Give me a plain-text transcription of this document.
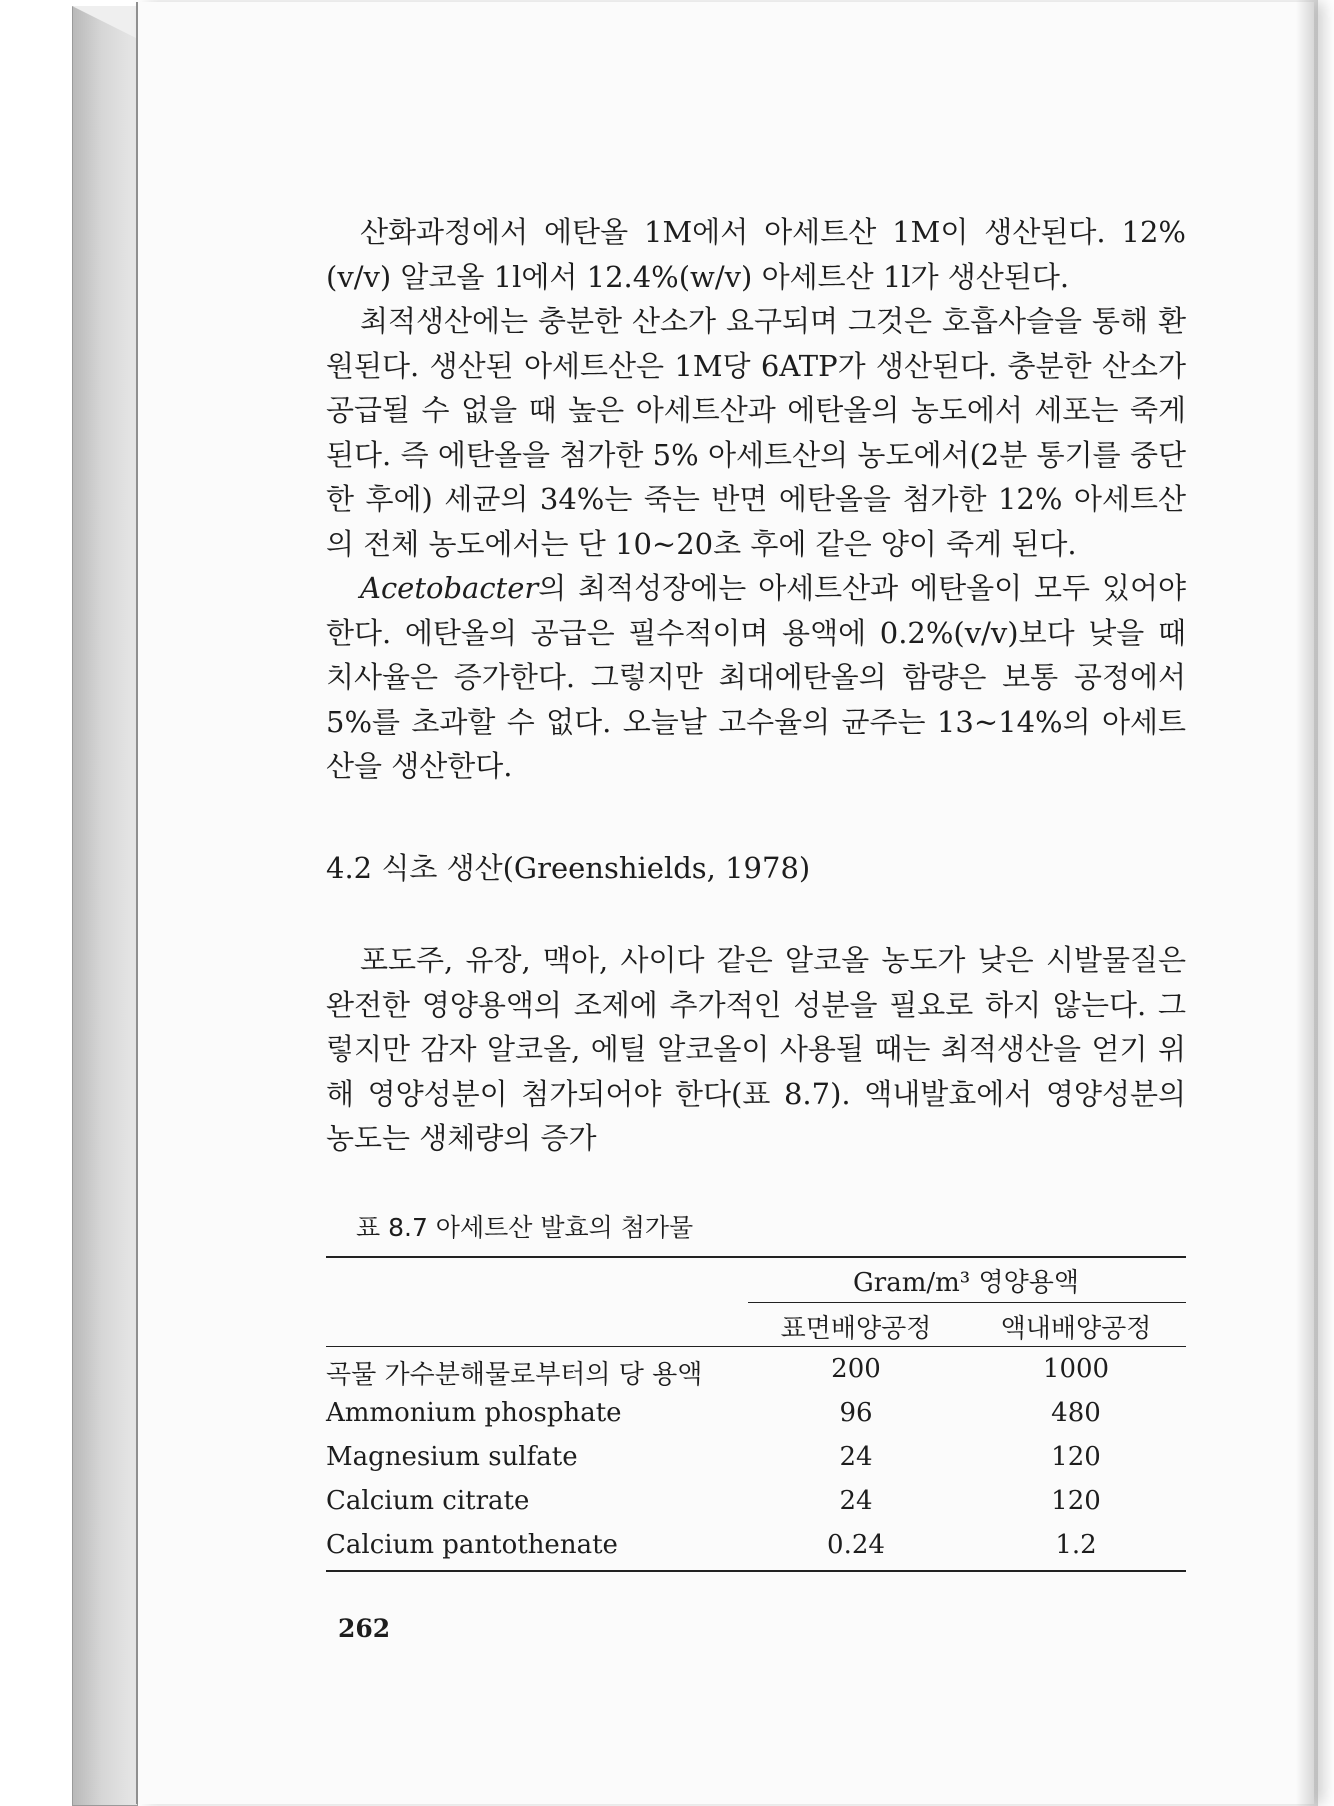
산화과정에서 에탄올 1M에서 아세트산 1M이 생산된다. 12%(v/v) 알코올 1l에서 12.4%(w/v) 아세트산 1l가 생산된다.

최적생산에는 충분한 산소가 요구되며 그것은 호흡사슬을 통해 환원된다. 생산된 아세트산은 1M당 6ATP가 생산된다. 충분한 산소가 공급될 수 없을 때 높은 아세트산과 에탄올의 농도에서 세포는 죽게 된다. 즉 에탄올을 첨가한 5% 아세트산의 농도에서(2분 통기를 중단한 후에) 세균의 34%는 죽는 반면 에탄올을 첨가한 12% 아세트산의 전체 농도에서는 단 10~20초 후에 같은 양이 죽게 된다.

Acetobacter의 최적성장에는 아세트산과 에탄올이 모두 있어야 한다. 에탄올의 공급은 필수적이며 용액에 0.2%(v/v)보다 낮을 때 치사율은 증가한다. 그렇지만 최대에탄올의 함량은 보통 공정에서 5%를 초과할 수 없다. 오늘날 고수율의 균주는 13~14%의 아세트산을 생산한다.

4.2 식초 생산(Greenshields, 1978)

포도주, 유장, 맥아, 사이다 같은 알코올 농도가 낮은 시발물질은 완전한 영양용액의 조제에 추가적인 성분을 필요로 하지 않는다. 그렇지만 감자 알코올, 에틸 알코올이 사용될 때는 최적생산을 얻기 위해 영양성분이 첨가되어야 한다(표 8.7). 액내발효에서 영양성분의 농도는 생체량의 증가

표 8.7 아세트산 발효의 첨가물
Gram/m³ 영양용액
표면배양공정	액내배양공정
곡물 가수분해물로부터의 당 용액	200	1000
Ammonium phosphate	96	480
Magnesium sulfate	24	120
Calcium citrate	24	120
Calcium pantothenate	0.24	1.2
262
